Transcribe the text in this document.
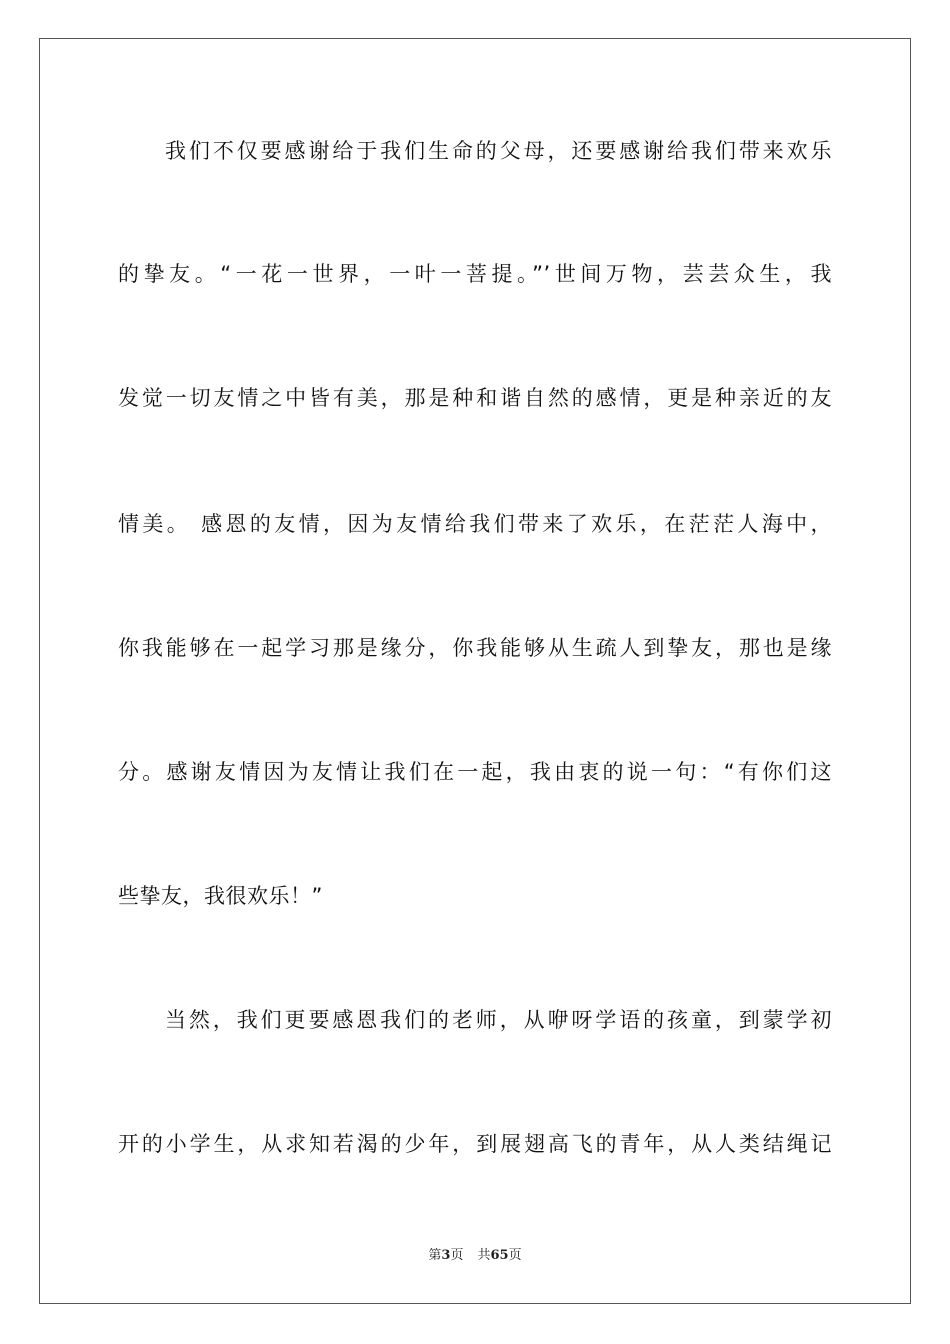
我们不仅要感谢给于我们生命的父母，还要感谢给我们带来欢乐
的挚友。“一花一世界，一叶一菩提。”’世间万物，芸芸众生，我
发觉一切友情之中皆有美，那是种和谐自然的感情，更是种亲近的友
情美。 感恩的友情，因为友情给我们带来了欢乐，在茫茫人海中，
你我能够在一起学习那是缘分，你我能够从生疏人到挚友，那也是缘
分。感谢友情因为友情让我们在一起，我由衷的说一句：“有你们这
些挚友，我很欢乐！”
当然，我们更要感恩我们的老师，从咿呀学语的孩童，到蒙学初
开的小学生，从求知若渴的少年，到展翅高飞的青年，从人类结绳记
第3页 共65页
